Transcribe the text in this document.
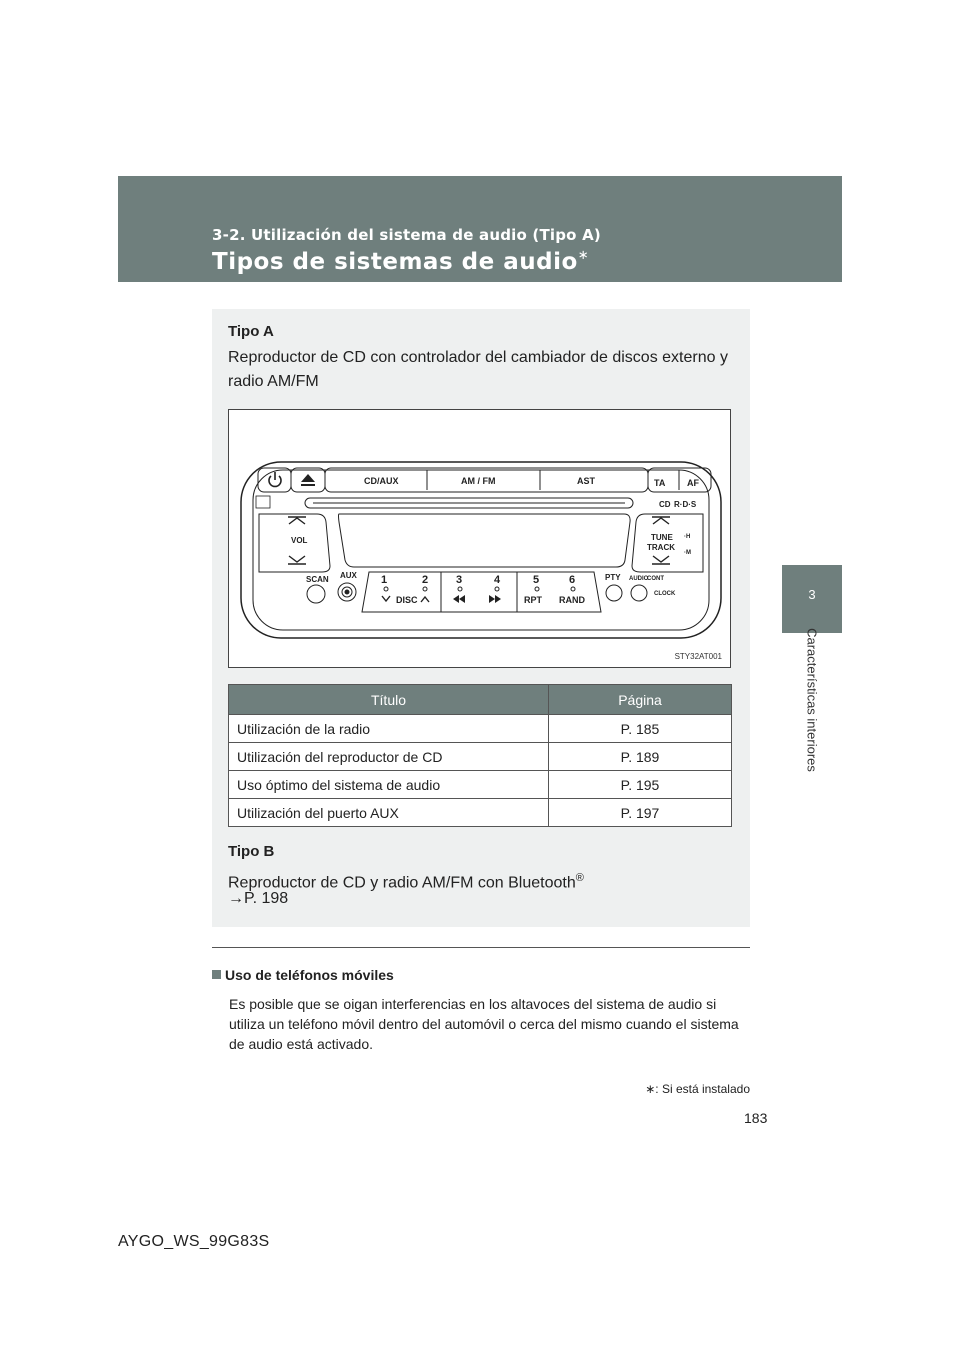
3-2. Utilización del sistema de audio (Tipo A)
Tipos de sistemas de audio∗
3
Características interiores
Tipo A
Reproductor de CD con controlador del cambiador de discos externo y radio AM/FM
CD/AUX	AM / FM	AST	TA AF
CD R·D·S
VOL	TUNE
TRACK
·H
·M
SCAN AUX 1	2	3	4	5	6
DISC	RPT RAND
PTY AUDIO
CONT
CLOCK
STY32AT001
Título	Página
Utilización de la radio	P. 185
Utilización del reproductor de CD	P. 189
Uso óptimo del sistema de audio	P. 195
Utilización del puerto AUX	P. 197
Tipo B
Reproductor de CD y radio AM/FM con Bluetooth®
→P. 198
Uso de teléfonos móviles
Es posible que se oigan interferencias en los altavoces del sistema de audio si utiliza un teléfono móvil dentro del automóvil o cerca del mismo cuando el sistema de audio está activado.
∗: Si está instalado
183
AYGO_WS_99G83S
